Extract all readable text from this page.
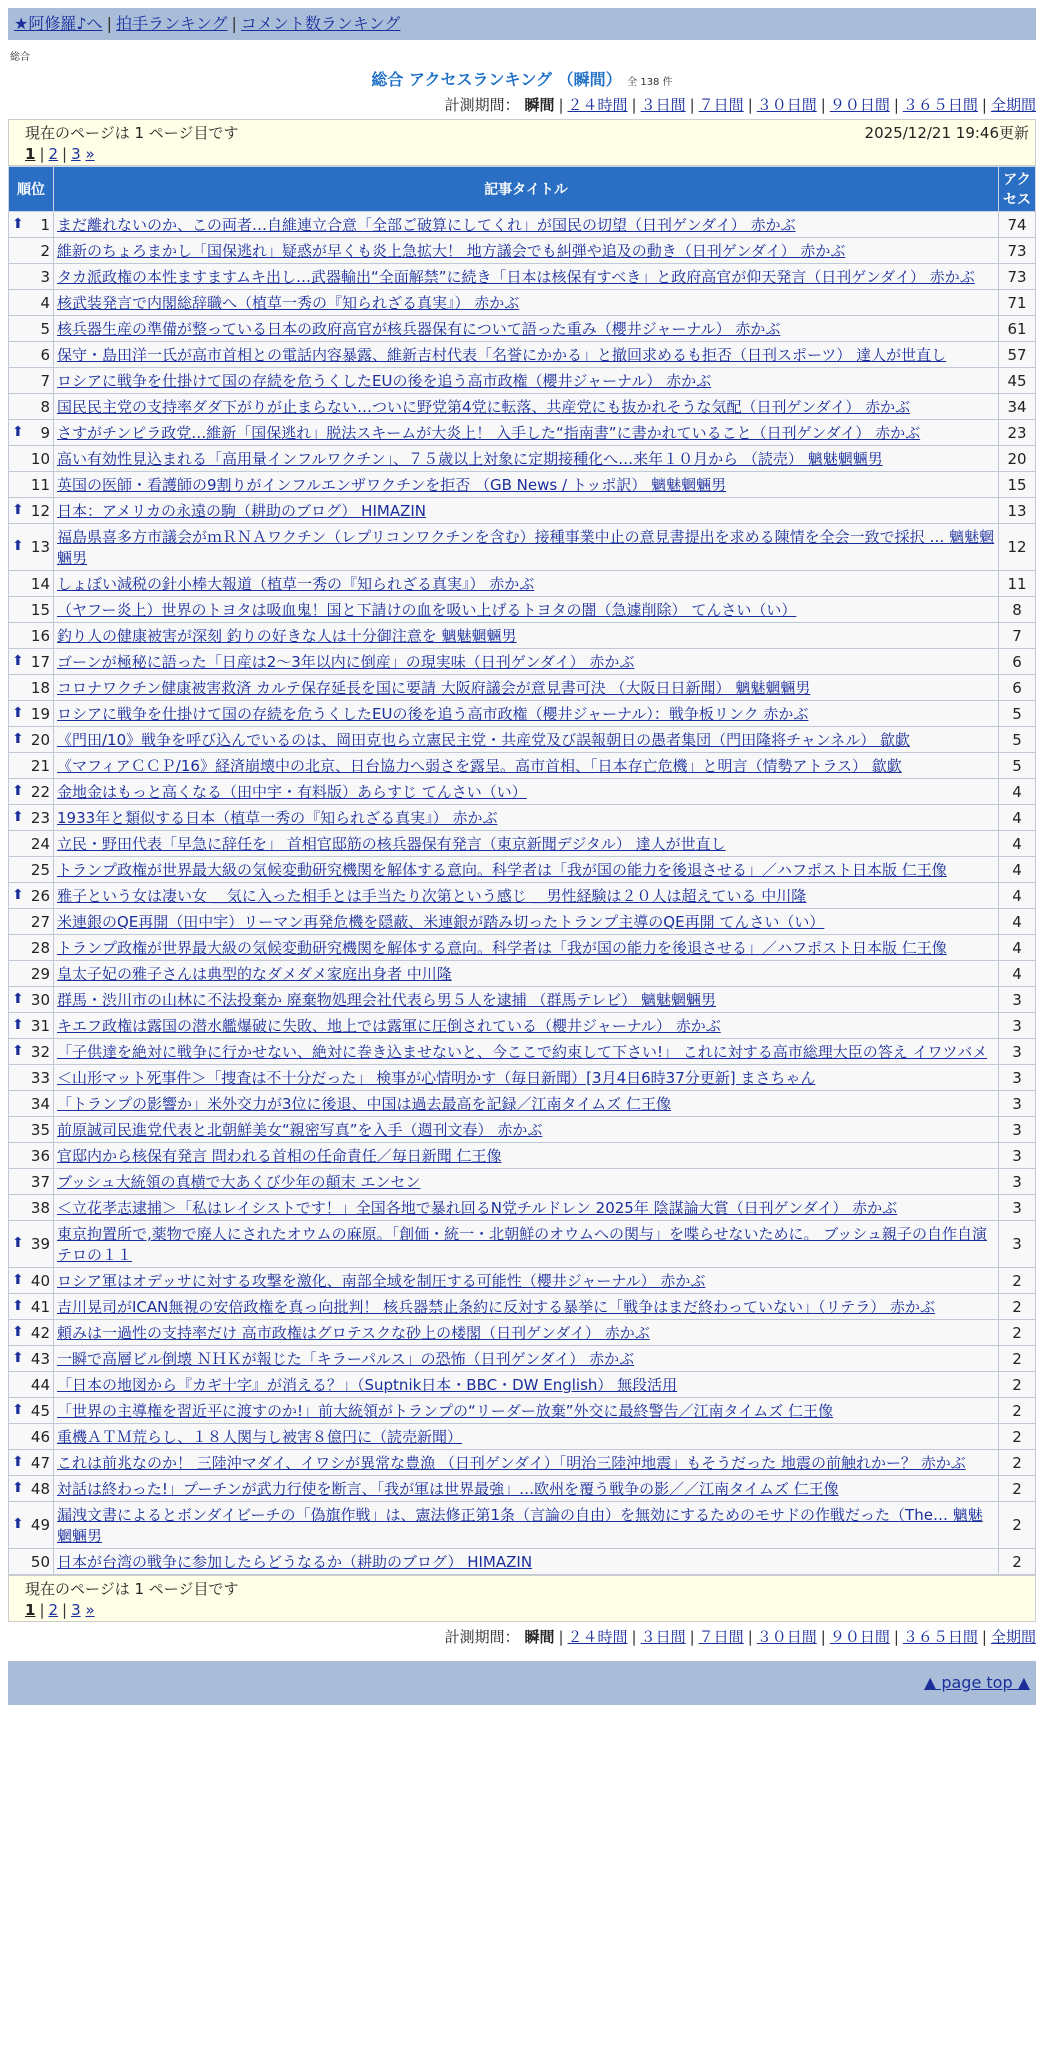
★阿修羅♪へ | 拍手ランキング | コメント数ランキング
総合
総合 アクセスランキング （瞬間） 全 138 件
計測期間： 瞬間 | ２４時間 | ３日間 | ７日間 | ３０日間 | ９０日間 | ３６５日間 | 全期間
現在のページは 1 ページ目です	2025/12/21 19:46更新
1 | 2 | 3 »
順位	記事タイトル	アクセス

⬆ 1	まだ離れないのか、この両者…自維連立合意「全部ご破算にしてくれ」が国民の切望（日刊ゲンダイ） 赤かぶ	74
2	維新のちょろまかし「国保逃れ」疑惑が早くも炎上急拡大！ 地方議会でも糾弾や追及の動き（日刊ゲンダイ） 赤かぶ	73
3	タカ派政権の本性ますますムキ出し…武器輸出“全面解禁”に続き「日本は核保有すべき」と政府高官が仰天発言（日刊ゲンダイ） 赤かぶ	73
4	核武装発言で内閣総辞職へ（植草一秀の『知られざる真実』） 赤かぶ	71
5	核兵器生産の準備が整っている日本の政府高官が核兵器保有について語った重み（櫻井ジャーナル） 赤かぶ	61
6	保守・島田洋一氏が高市首相との電話内容暴露、維新吉村代表「名誉にかかる」と撤回求めるも拒否（日刊スポーツ） 達人が世直し	57
7	ロシアに戦争を仕掛けて国の存続を危うくしたEUの後を追う高市政権（櫻井ジャーナル） 赤かぶ	45
8	国民民主党の支持率ダダ下がりが止まらない…ついに野党第4党に転落、共産党にも抜かれそうな気配（日刊ゲンダイ） 赤かぶ	34

⬆ 9	さすがチンピラ政党…維新「国保逃れ」脱法スキームが大炎上！ 入手した“指南書”に書かれていること（日刊ゲンダイ） 赤かぶ	23
10	高い有効性見込まれる「高用量インフルワクチン」、７５歳以上対象に定期接種化へ…来年１０月から （読売） 魑魅魍魎男	20
11	英国の医師・看護師の9割りがインフルエンザワクチンを拒否 （GB News / トッポ訳） 魑魅魍魎男	15

⬆ 12	日本：アメリカの永遠の駒（耕助のブログ） HIMAZIN	13

⬆ 13	福島県喜多方市議会がｍＲＮＡワクチン（レプリコンワクチンを含む）接種事業中止の意見書提出を求める陳情を全会一致で採択 … 魑魅魍魎男	12
14	しょぼい減税の針小棒大報道（植草一秀の『知られざる真実』） 赤かぶ	11
15	（ヤフー炎上）世界のトヨタは吸血鬼！国と下請けの血を吸い上げるトヨタの闇（急遽削除） てんさい（い）	8
16	釣り人の健康被害が深刻 釣りの好きな人は十分御注意を 魑魅魍魎男	7

⬆ 17	ゴーンが極秘に語った「日産は2～3年以内に倒産」の現実味（日刊ゲンダイ） 赤かぶ	6
18	コロナワクチン健康被害救済 カルテ保存延長を国に要請 大阪府議会が意見書可決 （大阪日日新聞） 魑魅魍魎男	6

⬆ 19	ロシアに戦争を仕掛けて国の存続を危うくしたEUの後を追う高市政権（櫻井ジャーナル）：戦争板リンク 赤かぶ	5

⬆ 20	《門田/10》戦争を呼び込んでいるのは、岡田克也ら立憲民主党・共産党及び誤報朝日の愚者集団（門田隆将チャンネル） 歙歔	5
21	《マフィアＣＣＰ/16》経済崩壊中の北京、日台協力へ弱さを露呈。高市首相、「日本存亡危機」と明言（情勢アトラス） 歙歔	5

⬆ 22	金地金はもっと高くなる（田中宇・有料版）あらすじ てんさい（い）	4

⬆ 23	1933年と類似する日本（植草一秀の『知られざる真実』） 赤かぶ	4
24	立民・野田代表「早急に辞任を」 首相官邸筋の核兵器保有発言（東京新聞デジタル） 達人が世直し	4
25	トランプ政権が世界最大級の気候変動研究機関を解体する意向。科学者は「我が国の能力を後退させる」／ハフポスト日本版 仁王像	4

⬆ 26	雅子という女は凄い女 ＿気に入った相手とは手当たり次第という感じ ＿男性経験は２０人は超えている 中川隆	4
27	米連銀のQE再開（田中宇）リーマン再発危機を隠蔽、米連銀が踏み切ったトランプ主導のQE再開 てんさい（い）	4
28	トランプ政権が世界最大級の気候変動研究機関を解体する意向。科学者は「我が国の能力を後退させる」／ハフポスト日本版 仁王像	4
29	皇太子妃の雅子さんは典型的なダメダメ家庭出身者 中川隆	4

⬆ 30	群馬・渋川市の山林に不法投棄か 廃棄物処理会社代表ら男５人を逮捕 （群馬テレビ） 魑魅魍魎男	3

⬆ 31	キエフ政権は露国の潜水艦爆破に失敗、地上では露軍に圧倒されている（櫻井ジャーナル） 赤かぶ	3

⬆ 32	「子供達を絶対に戦争に行かせない、絶対に巻き込ませないと、今ここで約束して下さい!」 これに対する高市総理大臣の答え イワツバメ	3
33	＜山形マット死事件＞「捜査は不十分だった」 検事が心情明かす（毎日新聞）[3月4日6時37分更新] まさちゃん	3
34	「トランプの影響か」米外交力が3位に後退、中国は過去最高を記録／江南タイムズ 仁王像	3
35	前原誠司民進党代表と北朝鮮美女“親密写真”を入手（週刊文春） 赤かぶ	3
36	官邸内から核保有発言 問われる首相の任命責任／毎日新聞 仁王像	3
37	ブッシュ大統領の真横で大あくび少年の顛末 エンセン	3
38	＜立花孝志逮捕＞「私はレイシストです！」全国各地で暴れ回るN党チルドレン 2025年 陰謀論大賞（日刊ゲンダイ） 赤かぶ	3

⬆ 39	東京拘置所で,薬物で廃人にされたオウムの麻原。「創価・統一・北朝鮮のオウムへの関与」を喋らせないために。 ブッシュ親子の自作自演テロの１１	3

⬆ 40	ロシア軍はオデッサに対する攻撃を激化、南部全域を制圧する可能性（櫻井ジャーナル） 赤かぶ	2

⬆ 41	吉川晃司がICAN無視の安倍政権を真っ向批判！ 核兵器禁止条約に反対する暴挙に「戦争はまだ終わっていない」（リテラ） 赤かぶ	2

⬆ 42	頼みは一過性の支持率だけ 高市政権はグロテスクな砂上の楼閣（日刊ゲンダイ） 赤かぶ	2

⬆ 43	一瞬で高層ビル倒壊 ＮＨＫが報じた「キラーパルス」の恐怖（日刊ゲンダイ） 赤かぶ	2
44	「日本の地図から『カギ十字』が消える？」（Suptnik日本・BBC・DW English） 無段活用	2

⬆ 45	「世界の主導権を習近平に渡すのか!」前大統領がトランプの“リーダー放棄”外交に最終警告／江南タイムズ 仁王像	2
46	重機ＡＴＭ荒らし、１８人関与し被害８億円に（読売新聞）	2

⬆ 47	これは前兆なのか！ 三陸沖マダイ、イワシが異常な豊漁 （日刊ゲンダイ）「明治三陸沖地震」もそうだった 地震の前触れかー？ 赤かぶ	2

⬆ 48	対話は終わった!」プーチンが武力行使を断言、「我が軍は世界最強」…欧州を覆う戦争の影／／江南タイムズ 仁王像	2

⬆ 49	漏洩文書によるとボンダイビーチの「偽旗作戦」は、憲法修正第1条（言論の自由）を無効にするためのモサドの作戦だった（The… 魑魅魍魎男	2
50	日本が台湾の戦争に参加したらどうなるか（耕助のブログ） HIMAZIN	2
現在のページは 1 ページ目です
1 | 2 | 3 »
計測期間： 瞬間 | ２４時間 | ３日間 | ７日間 | ３０日間 | ９０日間 | ３６５日間 | 全期間
▲ page top ▲
